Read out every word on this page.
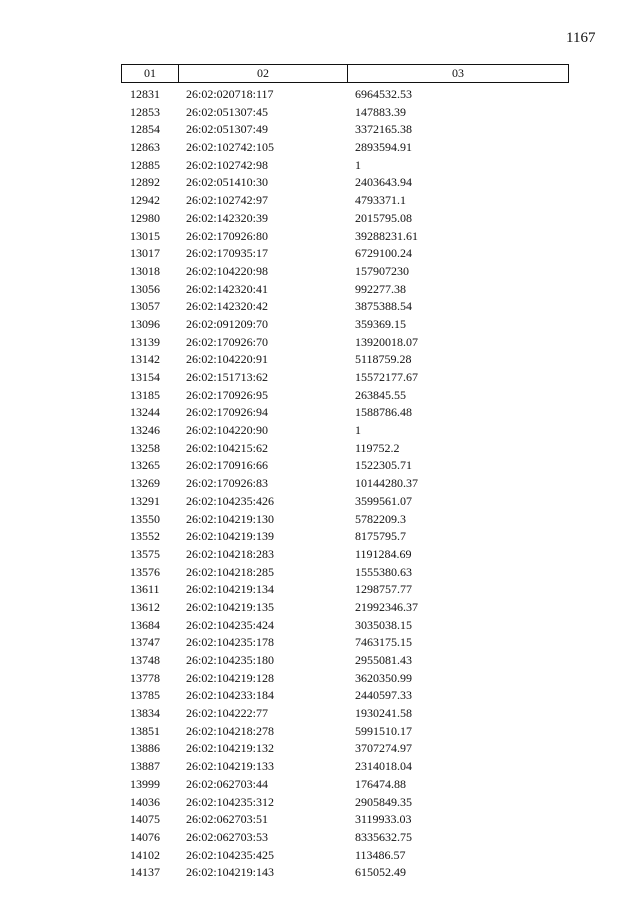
1167
01	02	03
12831 26:02:020718:117	6964532.53
12853 26:02:051307:45	147883.39
12854 26:02:051307:49	3372165.38
12863 26:02:102742:105	2893594.91
12885 26:02:102742:98	1
12892 26:02:051410:30	2403643.94
12942 26:02:102742:97	4793371.1
12980 26:02:142320:39	2015795.08
13015 26:02:170926:80	39288231.61
13017 26:02:170935:17	6729100.24
13018 26:02:104220:98	157907230
13056 26:02:142320:41	992277.38
13057 26:02:142320:42	3875388.54
13096 26:02:091209:70	359369.15
13139 26:02:170926:70	13920018.07
13142 26:02:104220:91	5118759.28
13154 26:02:151713:62	15572177.67
13185 26:02:170926:95	263845.55
13244 26:02:170926:94	1588786.48
13246 26:02:104220:90	1
13258 26:02:104215:62	119752.2
13265 26:02:170916:66	1522305.71
13269 26:02:170926:83	10144280.37
13291 26:02:104235:426	3599561.07
13550 26:02:104219:130	5782209.3
13552 26:02:104219:139	8175795.7
13575 26:02:104218:283	1191284.69
13576 26:02:104218:285	1555380.63
13611 26:02:104219:134	1298757.77
13612 26:02:104219:135	21992346.37
13684 26:02:104235:424	3035038.15
13747 26:02:104235:178	7463175.15
13748 26:02:104235:180	2955081.43
13778 26:02:104219:128	3620350.99
13785 26:02:104233:184	2440597.33
13834 26:02:104222:77	1930241.58
13851 26:02:104218:278	5991510.17
13886 26:02:104219:132	3707274.97
13887 26:02:104219:133	2314018.04
13999 26:02:062703:44	176474.88
14036 26:02:104235:312	2905849.35
14075 26:02:062703:51	3119933.03
14076 26:02:062703:53	8335632.75
14102 26:02:104235:425	113486.57
14137 26:02:104219:143	615052.49
